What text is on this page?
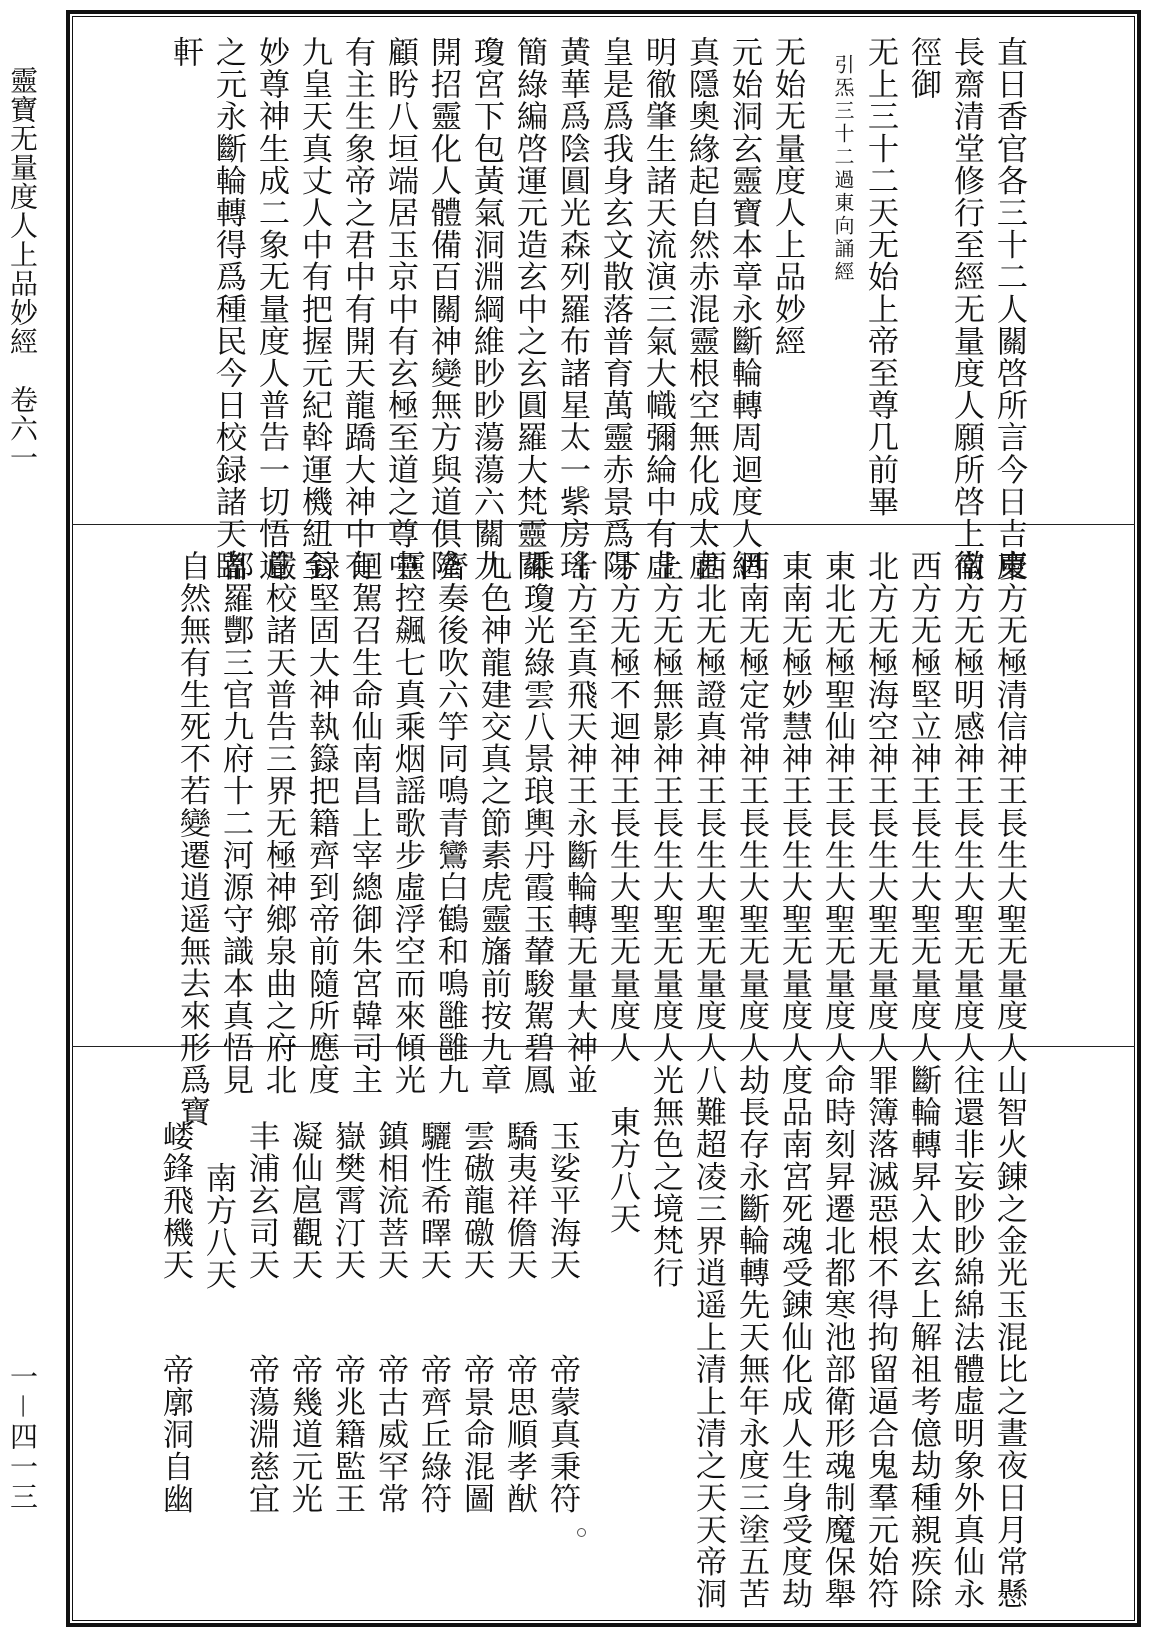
靈寶无量度人上品妙經　卷六一
一－四一三
直日香官各三十二人關啓所言今日吉慶
長齋清堂修行至經无量度人願所啓上徹
徑御
无上三十二天无始上帝至尊几前畢
引炁三十二過東向誦經
无始无量度人上品妙經
元始洞玄靈寶本章永斷輪轉周迴度人網
真隱奧緣起自然赤混靈根空無化成太虛
明徹肇生諸天流演三氣大幟彌綸中有虛
皇是爲我身玄文散落普育萬靈赤景爲陽
黃華爲陰圓光森列羅布諸星太一紫房瑤
簡綠編啓運元造玄中之玄圓羅大梵靈關
瓊宮下包黃氣洞淵綱維眇眇蕩蕩六關九
開招靈化人體備百關神變無方與道俱隆
顧盻八垣端居玉京中有玄極至道之尊中
有主生象帝之君中有開天龍蹻大神中有
九皇天真丈人中有把握元紀斡運機紐至
妙尊神生成二象无量度人普告一切悟道
之元永斷輪轉得爲種民今日校録諸天臨
軒
東方无極清信神王長生大聖无量度人
南方无極明感神王長生大聖无量度人
西方无極堅立神王長生大聖无量度人
北方无極海空神王長生大聖无量度人
東北无極聖仙神王長生大聖无量度人
東南无極妙慧神王長生大聖无量度人
西南无極定常神王長生大聖无量度人
西北无極證真神王長生大聖无量度人
上方无極無影神王長生大聖无量度人
下方无極不迴神王長生大聖无量度人
十方至真飛天神王永斷輪轉无量大神並
乘瓊光綠雲八景琅輿丹霞玉輦駿駕碧鳳
九色神龍建交真之節素虎靈旛前按九章
齊奏後吹六竽同鳴青鸞白鶴和鳴雝雝九
靈控飆七真乘烟謡歌步虛浮空而來傾光
迴駕召生命仙南昌上宰總御朱宮韓司主
録堅固大神執籙把籍齊到帝前隨所應度
嚴校諸天普告三界无極神鄉泉曲之府北
都羅酆三官九府十二河源守識本真悟見
自然無有生死不若變遷逍遥無去來形爲寶
山智火錬之金光玉混比之晝夜日月常懸
往還非妄眇眇綿綿法體虛明象外真仙永
斷輪轉昇入太玄上解祖考億劫種親疾除
罪簿落滅惡根不得拘留逼合鬼羣元始符
命時刻昇遷北都寒池部衛形魂制魔保舉
度品南宮死魂受錬仙化成人生身受度劫
劫長存永斷輪轉先天無年永度三塗五苦
八難超凌三界逍遥上清上清之天天帝洞
光無色之境梵行
東方八天
玉娑平海天
帝蒙真秉符
驕夷祥儋天
帝思順孝猷
雲磝龍礉天
帝景命混圖
驪性希曎天
帝齊丘綠符
鎮相流菩天
帝古威罕常
嶽樊霄汀天
帝兆籍監王
凝仙扈觀天
帝幾道元光
丰浦玄司天
帝蕩淵慈宜
南方八天
嵝鋒飛機天
帝廓洞自幽
